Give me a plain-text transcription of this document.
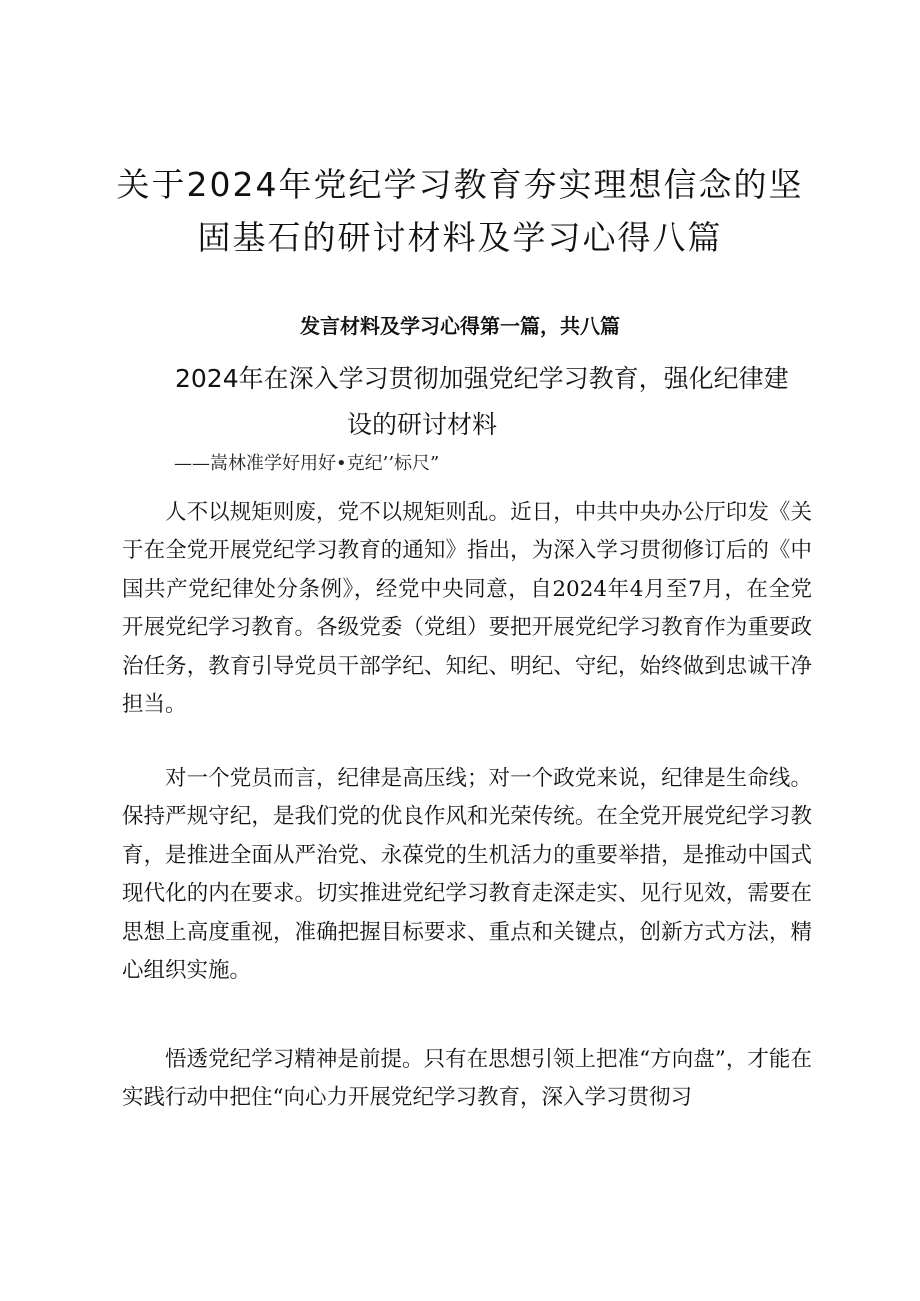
关于2024年党纪学习教育夯实理想信念的坚
固基石的研讨材料及学习心得八篇
发言材料及学习心得第一篇，共八篇
2024年在深入学习贯彻加强党纪学习教育，强化纪律建
设的研讨材料
——嵩林准学好用好•克纪’’标尺”

人不以规矩则废，党不以规矩则乱。近日，中共中央办公厅印发《关于在全党开展党纪学习教育的通知》指出，为深入学习贯彻修订后的《中国共产党纪律处分条例》，经党中央同意，自2024年4月至7月，在全党开展党纪学习教育。各级党委（党组）要把开展党纪学习教育作为重要政治任务，教育引导党员干部学纪、知纪、明纪、守纪，始终做到忠诚干净担当。

对一个党员而言，纪律是高压线；对一个政党来说，纪律是生命线。保持严规守纪，是我们党的优良作风和光荣传统。在全党开展党纪学习教育，是推进全面从严治党、永葆党的生机活力的重要举措，是推动中国式现代化的内在要求。切实推进党纪学习教育走深走实、见行见效，需要在思想上高度重视，准确把握目标要求、重点和关键点，创新方式方法，精心组织实施。

悟透党纪学习精神是前提。只有在思想引领上把准“方向盘”，才能在实践行动中把住“向心力开展党纪学习教育，深入学习贯彻习
